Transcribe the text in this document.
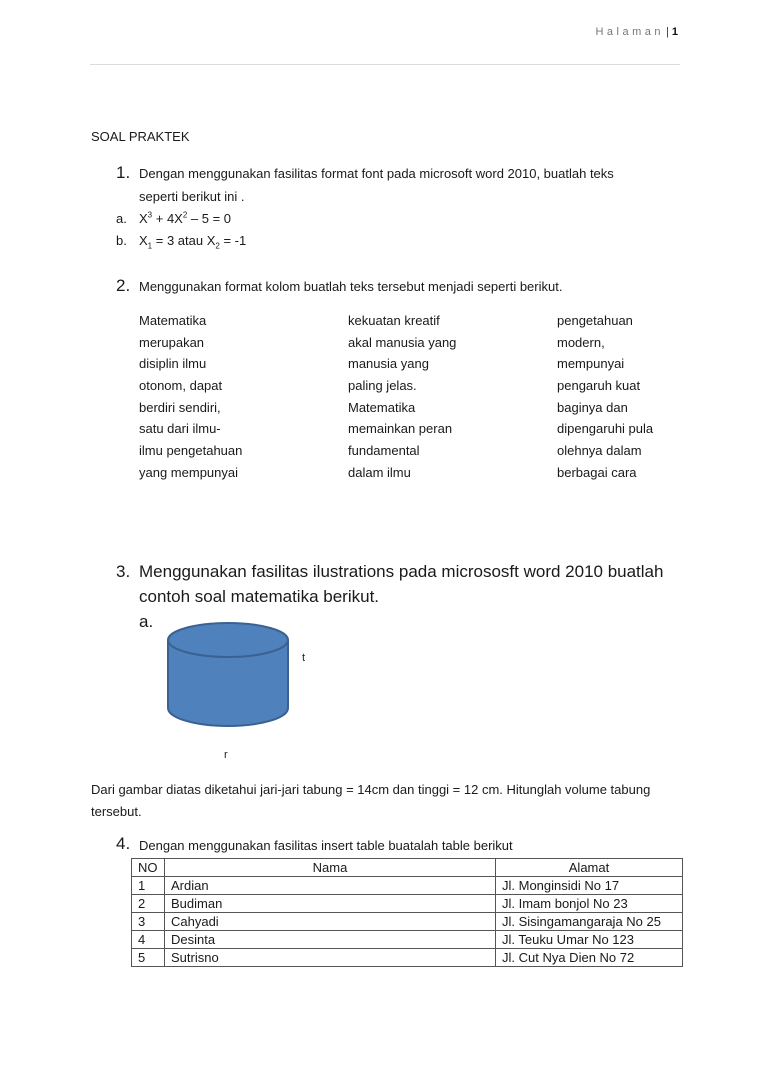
Halaman | 1
SOAL PRAKTEK
1. Dengan menggunakan fasilitas format font pada microsoft word 2010, buatlah teks
seperti berikut ini .
a. $X^3 + 4X^2 - 5 = 0$
b. $X_1 = 3$ atau $X_2 = -1$
2. Menggunakan format kolom buatlah teks tersebut menjadi seperti berikut.
Matematika
merupakan
disiplin ilmu
otonom, dapat
berdiri sendiri,
satu dari ilmu-
ilmu pengetahuan
yang mempunyai
kekuatan kreatif
akal manusia yang
manusia yang
paling jelas.
Matematika
memainkan peran
fundamental
dalam ilmu
pengetahuan
modern,
mempunyai
pengaruh kuat
baginya dan
dipengaruhi pula
olehnya dalam
berbagai cara
3. Menggunakan fasilitas ilustrations pada micrososft word 2010 buatlah
contoh soal matematika berikut.
a.
t
r
Dari gambar diatas diketahui jari-jari tabung = 14cm dan tinggi = 12 cm. Hitunglah volume tabung
tersebut.
4. Dengan menggunakan fasilitas insert table buatalah table berikut
NO	Nama	Alamat
1	Ardian	Jl. Monginsidi No 17
2	Budiman	Jl. Imam bonjol No 23
3	Cahyadi	Jl. Sisingamangaraja No 25
4	Desinta	Jl. Teuku Umar No 123
5	Sutrisno	Jl. Cut Nya Dien No 72
